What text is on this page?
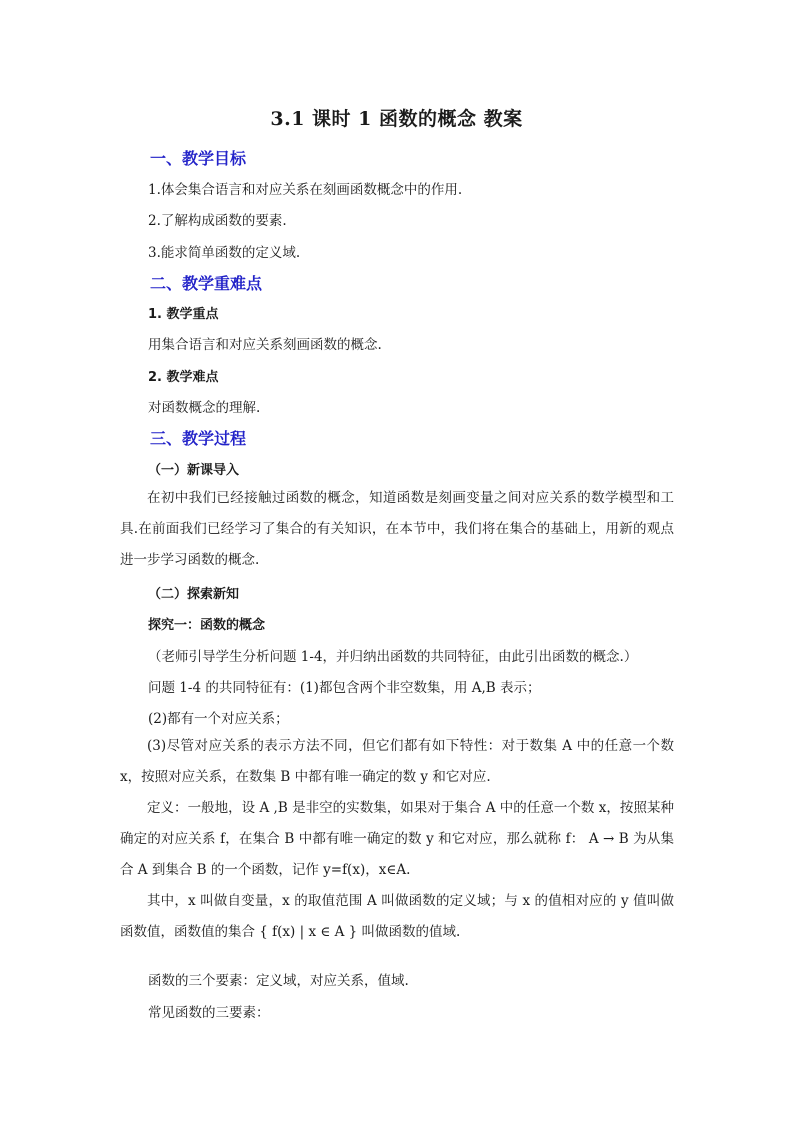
3.1 课时 1 函数的概念 教案
一、教学目标
1.体会集合语言和对应关系在刻画函数概念中的作用.
2.了解构成函数的要素.
3.能求简单函数的定义域.
二、教学重难点
1. 教学重点
用集合语言和对应关系刻画函数的概念.
2. 教学难点
对函数概念的理解.
三、教学过程
（一）新课导入
在初中我们已经接触过函数的概念，知道函数是刻画变量之间对应关系的数学模型和工具.在前面我们已经学习了集合的有关知识，在本节中，我们将在集合的基础上，用新的观点进一步学习函数的概念.
（二）探索新知
探究一：函数的概念
（老师引导学生分析问题 1-4，并归纳出函数的共同特征，由此引出函数的概念.）
问题 1-4 的共同特征有：(1)都包含两个非空数集，用 A,B 表示；
(2)都有一个对应关系；
(3)尽管对应关系的表示方法不同，但它们都有如下特性：对于数集 A 中的任意一个数 x，按照对应关系，在数集 B 中都有唯一确定的数 y 和它对应.
定义：一般地，设 A ,B 是非空的实数集，如果对于集合 A 中的任意一个数 x，按照某种确定的对应关系 f，在集合 B 中都有唯一确定的数 y 和它对应，那么就称 f： A → B 为从集合 A 到集合 B 的一个函数，记作 y=f(x)，x∈A.
其中，x 叫做自变量，x 的取值范围 A 叫做函数的定义域；与 x 的值相对应的 y 值叫做函数值，函数值的集合 { f(x) | x ∈ A } 叫做函数的值域.
函数的三个要素：定义域，对应关系，值域.
常见函数的三要素：
